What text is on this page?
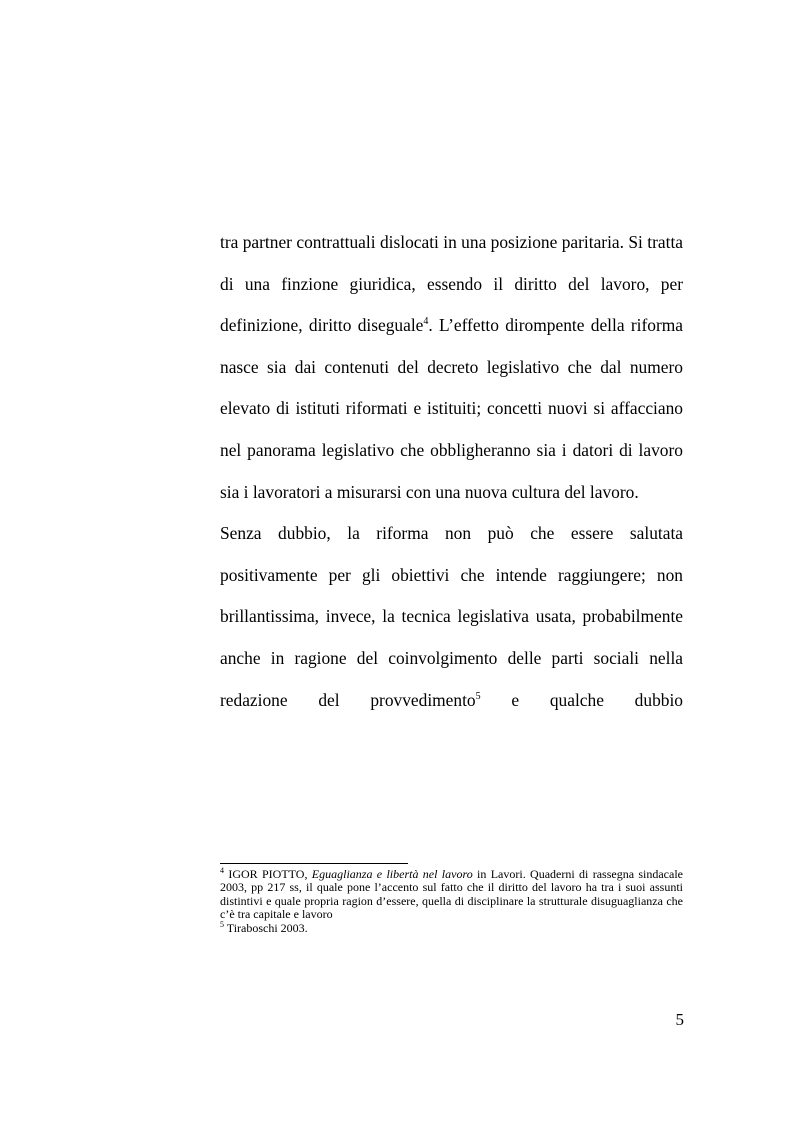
tra partner contrattuali dislocati in una posizione paritaria. Si tratta di una finzione giuridica, essendo il diritto del lavoro, per definizione, diritto diseguale$^4$. L’effetto dirompente della riforma nasce sia dai contenuti del decreto legislativo che dal numero elevato di istituti riformati e istituiti; concetti nuovi si affacciano nel panorama legislativo che obbligheranno sia i datori di lavoro sia i lavoratori a misurarsi con una nuova cultura del lavoro.

Senza dubbio, la riforma non può che essere salutata positivamente per gli obiettivi che intende raggiungere; non brillantissima, invece, la tecnica legislativa usata, probabilmente anche in ragione del coinvolgimento delle parti sociali nella redazione del provvedimento$^5$ e qualche dubbio

$^4$ IGOR PIOTTO, Eguaglianza e libertà nel lavoro in Lavori. Quaderni di rassegna sindacale 2003, pp 217 ss, il quale pone l’accento sul fatto che il diritto del lavoro ha tra i suoi assunti distintivi e quale propria ragion d’essere, quella di disciplinare la strutturale disuguaglianza che c’è tra capitale e lavoro

$^5$ Tiraboschi 2003.

5
